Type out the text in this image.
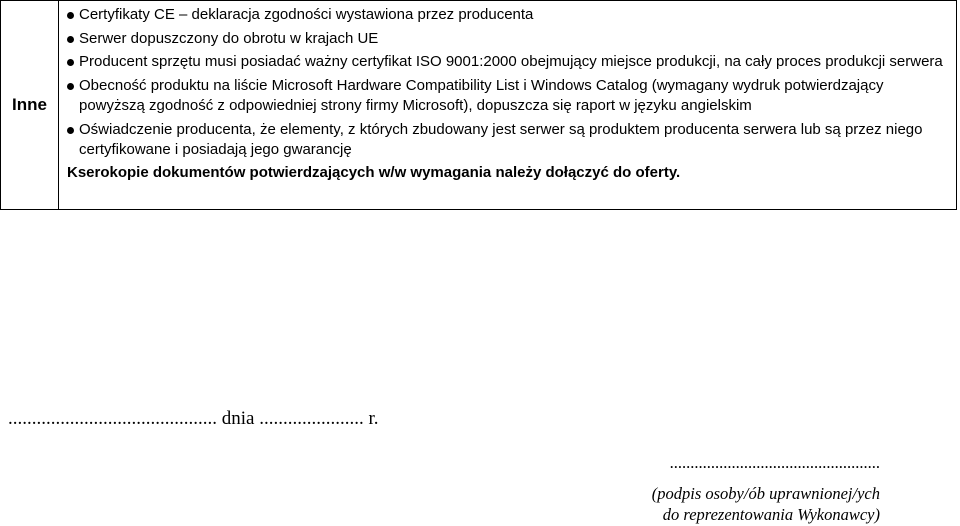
Inne	
Certyfikaty CE – deklaracja zgodności wystawiona przez producenta
Serwer dopuszczony do obrotu w krajach UE
Producent sprzętu musi posiadać ważny certyfikat ISO 9001:2000 obejmujący miejsce produkcji, na cały proces produkcji serwera
Obecność produktu na liście Microsoft Hardware Compatibility List i Windows Catalog (wymagany wydruk potwierdzający powyższą zgodność z odpowiedniej strony firmy Microsoft), dopuszcza się raport w języku angielskim
Oświadczenie producenta, że elementy, z których zbudowany jest serwer są produktem producenta serwera lub są przez niego certyfikowane i posiadają jego gwarancję
Kserokopie dokumentów potwierdzających w/w wymagania należy dołączyć do oferty.
............................................ dnia ...................... r.
...................................................
(podpis osoby/ób uprawnionej/ych
do reprezentowania Wykonawcy)
